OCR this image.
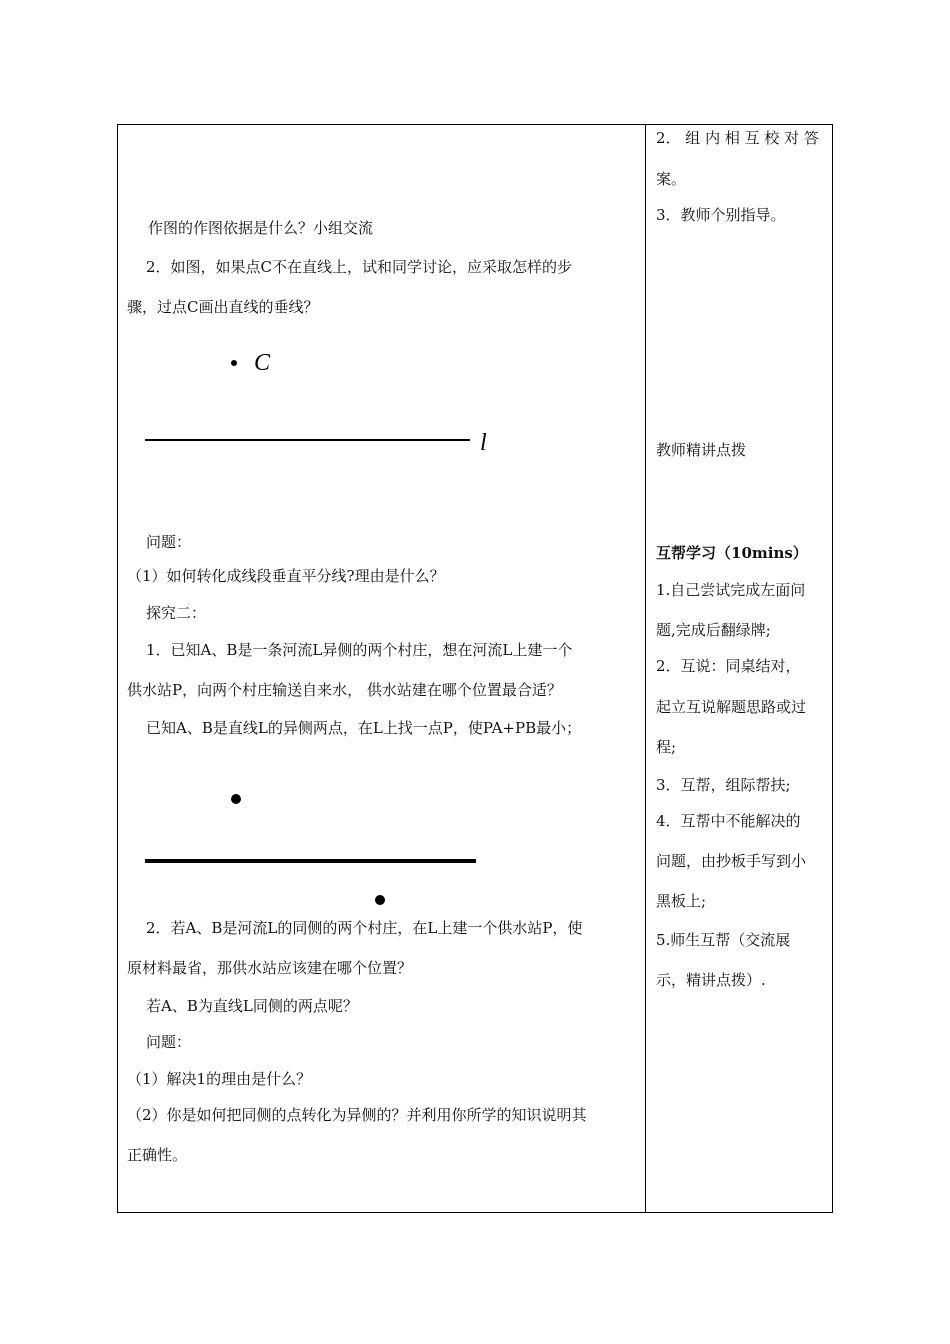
作图的作图依据是什么？小组交流
2．如图，如果点C不在直线上，试和同学讨论，应采取怎样的步
骤，过点C画出直线的垂线？
C
l
问题：
（1）如何转化成线段垂直平分线?理由是什么？
探究二：
1．已知A、B是一条河流L异侧的两个村庄，想在河流L上建一个
供水站P，向两个村庄输送自来水， 供水站建在哪个位置最合适？
已知A、B是直线L的异侧两点，在L上找一点P，使PA+PB最小；
2．若A、B是河流L的同侧的两个村庄，在L上建一个供水站P，使
原材料最省，那供水站应该建在哪个位置？
若A、B为直线L同侧的两点呢？
问题：
（1）解决1的理由是什么？
（2）你是如何把同侧的点转化为异侧的？并利用你所学的知识说明其
正确性。
2． 组 内 相 互 校 对 答
案。
3．教师个别指导。
教师精讲点拨
互帮学习（10mins）
1.自己尝试完成左面问
题,完成后翻绿牌;
2．互说：同桌结对，
起立互说解题思路或过
程;
3．互帮，组际帮扶;
4．互帮中不能解决的
问题，由抄板手写到小
黑板上;
5.师生互帮（交流展
示，精讲点拨）.
